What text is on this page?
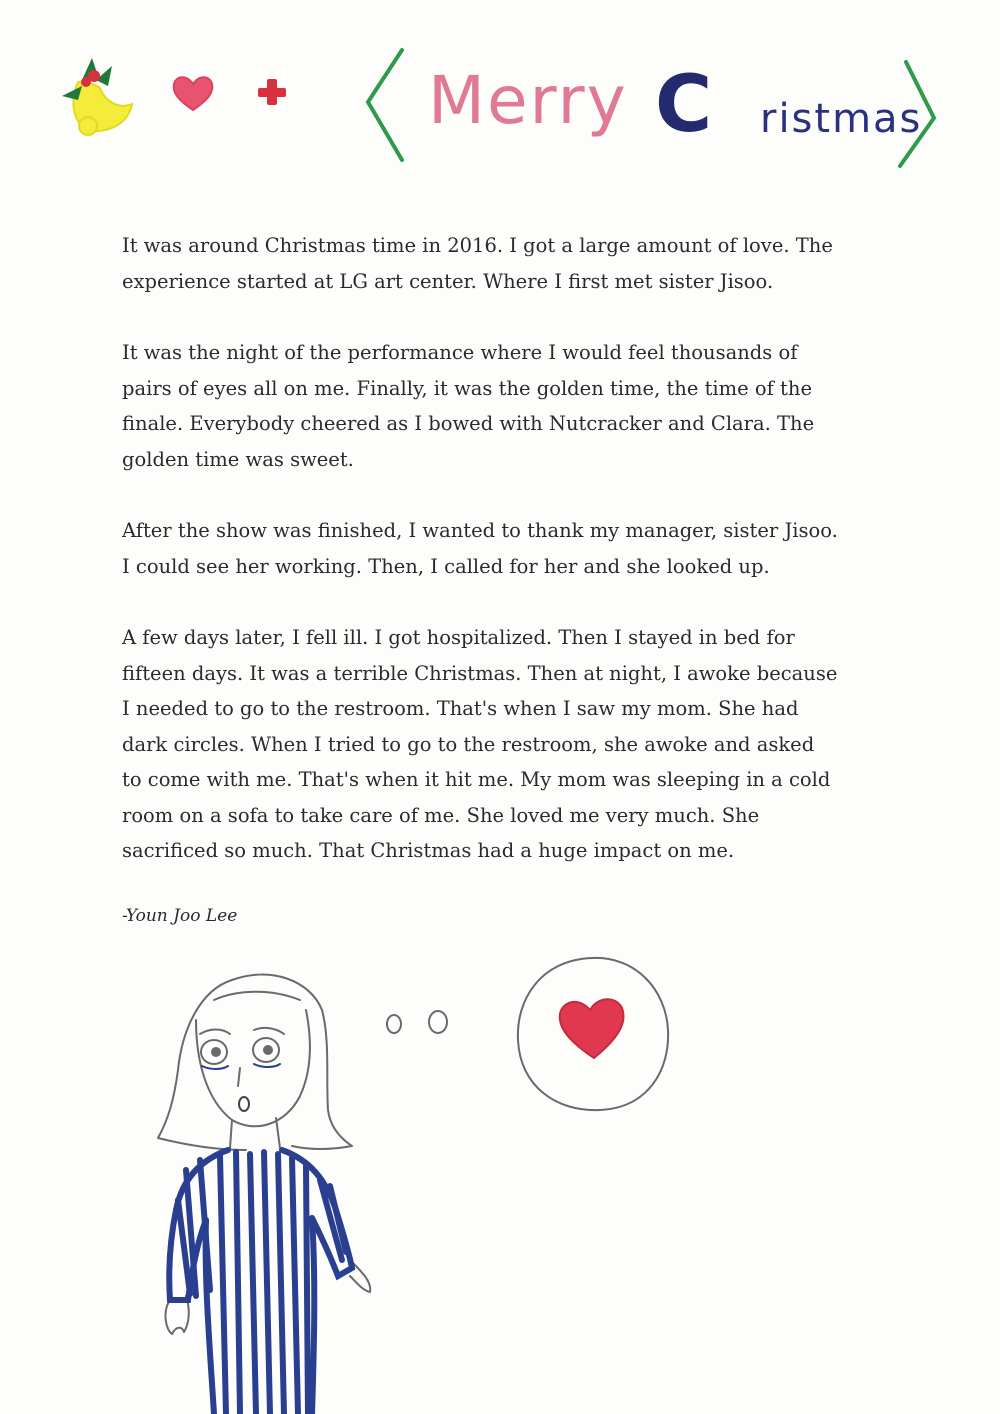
Merry C ristmas

It was around Christmas time in 2016. I got a large amount of love. The
experience started at LG art center. Where I first met sister Jisoo.

It was the night of the performance where I would feel thousands of
pairs of eyes all on me. Finally, it was the golden time, the time of the
finale. Everybody cheered as I bowed with Nutcracker and Clara. The
golden time was sweet.

After the show was finished, I wanted to thank my manager, sister Jisoo.
I could see her working. Then, I called for her and she looked up.

A few days later, I fell ill. I got hospitalized. Then I stayed in bed for
fifteen days. It was a terrible Christmas. Then at night, I awoke because
I needed to go to the restroom. That's when I saw my mom. She had
dark circles. When I tried to go to the restroom, she awoke and asked
to come with me. That's when it hit me. My mom was sleeping in a cold
room on a sofa to take care of me. She loved me very much. She
sacrificed so much. That Christmas had a huge impact on me.

-Youn Joo Lee
